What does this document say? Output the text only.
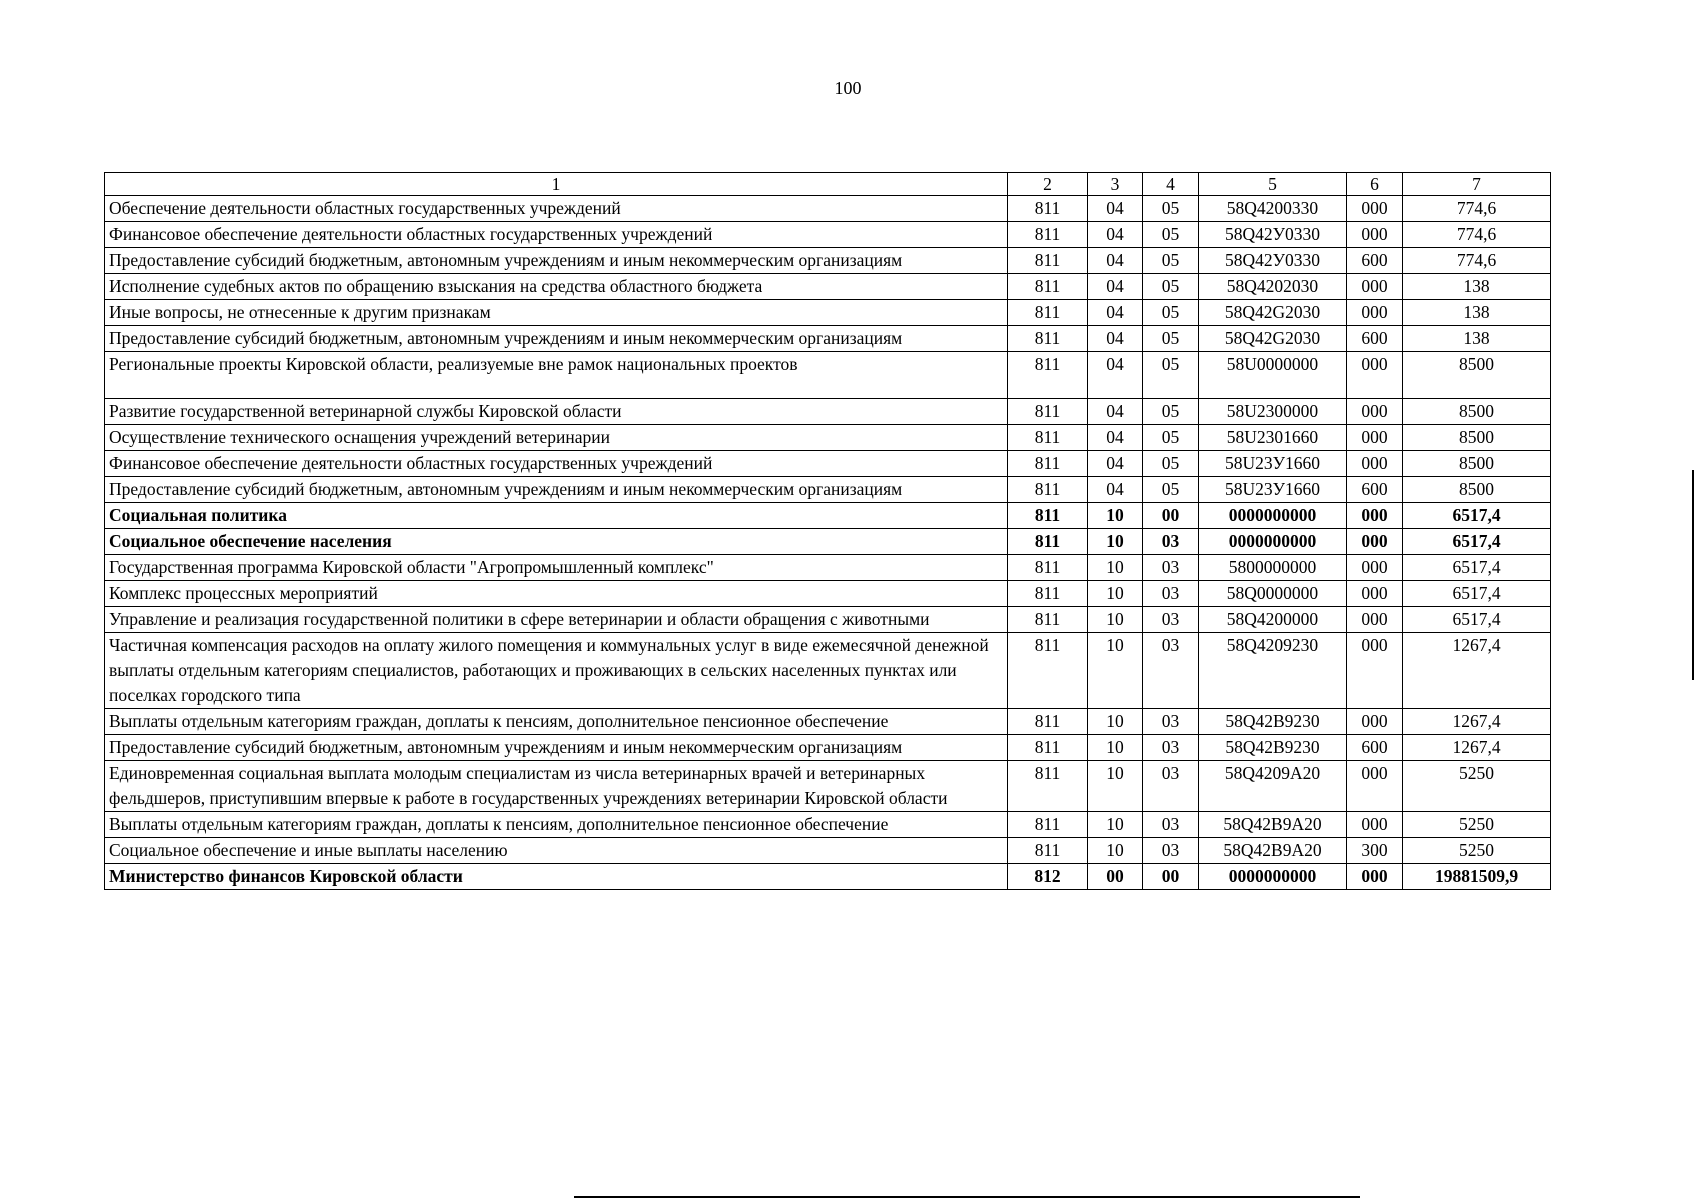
100
1	2	3	4	5	6	7
Обеспечение деятельности областных государственных учреждений	811	04	05	58Q4200330	000	774,6
Финансовое обеспечение деятельности областных государственных учреждений	811	04	05	58Q42У0330	000	774,6
Предоставление субсидий бюджетным, автономным учреждениям и иным некоммерческим организациям	811	04	05	58Q42У0330	600	774,6
Исполнение судебных актов по обращению взыскания на средства областного бюджета	811	04	05	58Q4202030	000	138
Иные вопросы, не отнесенные к другим признакам	811	04	05	58Q42G2030	000	138
Предоставление субсидий бюджетным, автономным учреждениям и иным некоммерческим организациям	811	04	05	58Q42G2030	600	138
Региональные проекты Кировской области, реализуемые вне рамок национальных проектов	811	04	05	58U0000000	000	8500
Развитие государственной ветеринарной службы Кировской области	811	04	05	58U2300000	000	8500
Осуществление технического оснащения учреждений ветеринарии	811	04	05	58U2301660	000	8500
Финансовое обеспечение деятельности областных государственных учреждений	811	04	05	58U23У1660	000	8500
Предоставление субсидий бюджетным, автономным учреждениям и иным некоммерческим организациям	811	04	05	58U23У1660	600	8500
Социальная политика	811	10	00	0000000000	000	6517,4
Социальное обеспечение населения	811	10	03	0000000000	000	6517,4
Государственная программа Кировской области "Агропромышленный комплекс"	811	10	03	5800000000	000	6517,4
Комплекс процессных мероприятий	811	10	03	58Q0000000	000	6517,4
Управление и реализация государственной политики в сфере ветеринарии и области обращения с животными	811	10	03	58Q4200000	000	6517,4
Частичная компенсация расходов на оплату жилого помещения и коммунальных услуг в виде ежемесячной денежной выплаты отдельным категориям специалистов, работающих и проживающих в сельских населенных пунктах или поселках городского типа	811	10	03	58Q4209230	000	1267,4
Выплаты отдельным категориям граждан, доплаты к пенсиям, дополнительное пенсионное обеспечение	811	10	03	58Q42B9230	000	1267,4
Предоставление субсидий бюджетным, автономным учреждениям и иным некоммерческим организациям	811	10	03	58Q42B9230	600	1267,4
Единовременная социальная выплата молодым специалистам из числа ветеринарных врачей и ветеринарных фельдшеров, приступившим впервые к работе в государственных учреждениях ветеринарии Кировской области	811	10	03	58Q4209A20	000	5250
Выплаты отдельным категориям граждан, доплаты к пенсиям, дополнительное пенсионное обеспечение	811	10	03	58Q42B9A20	000	5250
Социальное обеспечение и иные выплаты населению	811	10	03	58Q42B9A20	300	5250
Министерство финансов Кировской области	812	00	00	0000000000	000	19881509,9
